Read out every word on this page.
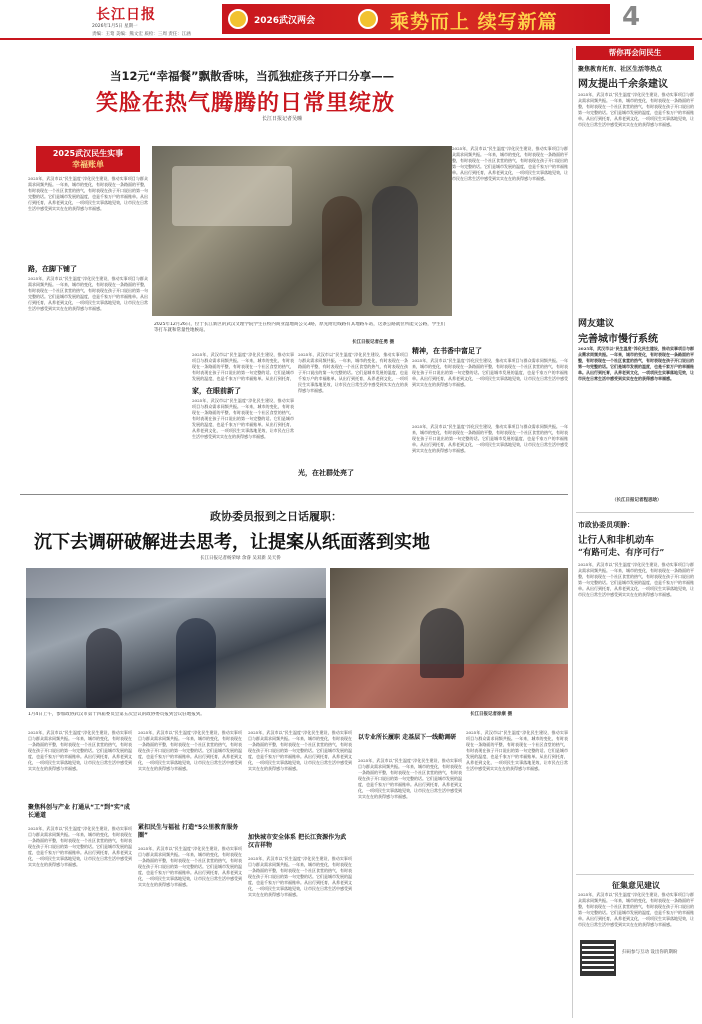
长江日报
2026年1月5日 星期一
责编：王莺 美编：熊文宏 质检：三周 责任：江涵
2026武汉两会	乘势而上 续写新篇 4
当12元“幸福餐”飘散香味，当孤独症孩子开口分享——
笑脸在热气腾腾的日常里绽放
长江日报记者吴曈
2025武汉民生实事
幸福账单
2025年，武汉市以“民生温度”淬化民生建设，推动实事项目与群众需求同频共振。一年来，城市的变化，有时表现在一条路面的平整，有时表现在一个社区食堂的热气，有时表现在孩子开口说出的第一句完整的话。它们是城市发展的温度，也是千家万户的幸福账单。从出行到托育，从养老到文化，一项项民生实事落地见效，让市民在日常生活中感受到实实在在的获得感与幸福感。
路，在脚下铺了
2025年，武汉市以“民生温度”淬化民生建设，推动实事项目与群众需求同频共振。一年来，城市的变化，有时表现在一条路面的平整，有时表现在一个社区食堂的热气，有时表现在孩子开口说出的第一句完整的话。它们是城市发展的温度，也是千家万户的幸福账单。从出行到托育，从养老到文化，一项项民生实事落地见效，让市民在日常生活中感受到实实在在的获得感与幸福感。
2025年12月26日，位于长江新区的武汉文理学院学生在校内商业湿地商公交3路，原先附近线路有其地路车站，这条公路就位所能交公路，学生们等打车就和常量性地候站。
长江日报记者任勇 摄
2025年，武汉市以“民生温度”淬化民生建设，推动实事项目与群众需求同频共振。一年来，城市的变化，有时表现在一条路面的平整，有时表现在一个社区食堂的热气，有时表现在孩子开口说出的第一句完整的话。它们是城市发展的温度，也是千家万户的幸福账单。从出行到托育，
家，在眼前新了
2025年，武汉市以“民生温度”淬化民生建设，推动实事项目与群众需求同频共振。一年来，城市的变化，有时表现在一条路面的平整，有时表现在一个社区食堂的热气，有时表现在孩子开口说出的第一句完整的话。它们是城市发展的温度，也是千家万户的幸福账单。从出行到托育，从养老到文化，一项项民生实事落地见效，让市民在日常生活中感受到实实在在的获得感与幸福感。
2025年，武汉市以“民生温度”淬化民生建设，推动实事项目与群众需求同频共振。一年来，城市的变化，有时表现在一条路面的平整，有时表现在一个社区食堂的热气，有时表现在孩子开口说出的第一句完整的话。它们是城市发展的温度，也是千家万户的幸福账单。从出行到托育，从养老到文化，一项项民生实事落地见效，让市民在日常生活中感受到实实在在的获得感与幸福感。
2025年，武汉市以“民生温度”淬化民生建设，推动实事项目与群众需求同频共振。一年来，城市的变化，有时表现在一条路面的平整，有时表现在一个社区食堂的热气，有时表现在孩子开口说出的第一句完整的话。它们是城市发展的温度，也是千家万户的幸福账单。从出行到托育，从养老到文化，一项项民生实事落地见效，让市民在日常生活中感受到实实在在的获得感与幸福感。
精神，在书香中富足了
2025年，武汉市以“民生温度”淬化民生建设，推动实事项目与群众需求同频共振。一年来，城市的变化，有时表现在一条路面的平整，有时表现在一个社区食堂的热气，有时表现在孩子开口说出的第一句完整的话。它们是城市发展的温度，也是千家万户的幸福账单。从出行到托育，从养老到文化，一项项民生实事落地见效，让市民在日常生活中感受到实实在在的获得感与幸福感。
光，在社群处亮了
2025年，武汉市以“民生温度”淬化民生建设，推动实事项目与群众需求同频共振。一年来，城市的变化，有时表现在一条路面的平整，有时表现在一个社区食堂的热气，有时表现在孩子开口说出的第一句完整的话。它们是城市发展的温度，也是千家万户的幸福账单。从出行到托育，从养老到文化，一项项民生实事落地见效，让市民在日常生活中感受到实实在在的获得感与幸福感。
帮你再会问民生
聚焦教育托育、社区生活等热点
网友提出千余条建议
2025年，武汉市以“民生温度”淬化民生建设，推动实事项目与群众需求同频共振。一年来，城市的变化，有时表现在一条路面的平整，有时表现在一个社区食堂的热气，有时表现在孩子开口说出的第一句完整的话。它们是城市发展的温度，也是千家万户的幸福账单。从出行到托育，从养老到文化，一项项民生实事落地见效，让市民在日常生活中感受到实实在在的获得感与幸福感。
网友建议
完善城市慢行系统
2025年，武汉市以“民生温度”淬化民生建设，推动实事项目与群众需求同频共振。一年来，城市的变化，有时表现在一条路面的平整，有时表现在一个社区食堂的热气，有时表现在孩子开口说出的第一句完整的话。它们是城市发展的温度，也是千家万户的幸福账单。从出行到托育，从养老到文化，一项项民生实事落地见效，让市民在日常生活中感受到实实在在的获得感与幸福感。
（长江日报记者程思晗）
市政协委员项静：
让行人和非机动车
“有路可走、有序可行”
2025年，武汉市以“民生温度”淬化民生建设，推动实事项目与群众需求同频共振。一年来，城市的变化，有时表现在一条路面的平整，有时表现在一个社区食堂的热气，有时表现在孩子开口说出的第一句完整的话。它们是城市发展的温度，也是千家万户的幸福账单。从出行到托育，从养老到文化，一项项民生实事落地见效，让市民在日常生活中感受到实实在在的获得感与幸福感。
征集意见建议
2025年，武汉市以“民生温度”淬化民生建设，推动实事项目与群众需求同频共振。一年来，城市的变化，有时表现在一条路面的平整，有时表现在一个社区食堂的热气，有时表现在孩子开口说出的第一句完整的话。它们是城市发展的温度，也是千家万户的幸福账单。从出行到托育，从养老到文化，一项项民生实事落地见效，让市民在日常生活中感受到实实在在的获得感与幸福感。
扫码参与互动 设出你的期盼
政协委员报到之日话履职：
沉下去调研破解进去思考，让提案从纸面落到实地
长江日报记者杨荣绿 余睿 吴双新 吴天侨
1月4日上午，参加政协武汉市第十四届委员会第五次会议的政协委员报到会议驻地报到。	长江日报记者徐康 摄
2025年，武汉市以“民生温度”淬化民生建设，推动实事项目与群众需求同频共振。一年来，城市的变化，有时表现在一条路面的平整，有时表现在一个社区食堂的热气，有时表现在孩子开口说出的第一句完整的话。它们是城市发展的温度，也是千家万户的幸福账单。从出行到托育，从养老到文化，一项项民生实事落地见效，让市民在日常生活中感受到实实在在的获得感与幸福感。
聚焦科创与产业 打通从“工”到“实”成长通道
2025年，武汉市以“民生温度”淬化民生建设，推动实事项目与群众需求同频共振。一年来，城市的变化，有时表现在一条路面的平整，有时表现在一个社区食堂的热气，有时表现在孩子开口说出的第一句完整的话。它们是城市发展的温度，也是千家万户的幸福账单。从出行到托育，从养老到文化，一项项民生实事落地见效，让市民在日常生活中感受到实实在在的获得感与幸福感。
2025年，武汉市以“民生温度”淬化民生建设，推动实事项目与群众需求同频共振。一年来，城市的变化，有时表现在一条路面的平整，有时表现在一个社区食堂的热气，有时表现在孩子开口说出的第一句完整的话。它们是城市发展的温度，也是千家万户的幸福账单。从出行到托育，从养老到文化，一项项民生实事落地见效，让市民在日常生活中感受到实实在在的获得感与幸福感。
紧扣民生与福祉 打造“5公里教育服务圈”
2025年，武汉市以“民生温度”淬化民生建设，推动实事项目与群众需求同频共振。一年来，城市的变化，有时表现在一条路面的平整，有时表现在一个社区食堂的热气，有时表现在孩子开口说出的第一句完整的话。它们是城市发展的温度，也是千家万户的幸福账单。从出行到托育，从养老到文化，一项项民生实事落地见效，让市民在日常生活中感受到实实在在的获得感与幸福感。
2025年，武汉市以“民生温度”淬化民生建设，推动实事项目与群众需求同频共振。一年来，城市的变化，有时表现在一条路面的平整，有时表现在一个社区食堂的热气，有时表现在孩子开口说出的第一句完整的话。它们是城市发展的温度，也是千家万户的幸福账单。从出行到托育，从养老到文化，一项项民生实事落地见效，让市民在日常生活中感受到实实在在的获得感与幸福感。
加快城市安全体系 把长江资源作为武汉吉祥物
2025年，武汉市以“民生温度”淬化民生建设，推动实事项目与群众需求同频共振。一年来，城市的变化，有时表现在一条路面的平整，有时表现在一个社区食堂的热气，有时表现在孩子开口说出的第一句完整的话。它们是城市发展的温度，也是千家万户的幸福账单。从出行到托育，从养老到文化，一项项民生实事落地见效，让市民在日常生活中感受到实实在在的获得感与幸福感。
以专业所长履职 走基层下一线勤调研
2025年，武汉市以“民生温度”淬化民生建设，推动实事项目与群众需求同频共振。一年来，城市的变化，有时表现在一条路面的平整，有时表现在一个社区食堂的热气，有时表现在孩子开口说出的第一句完整的话。它们是城市发展的温度，也是千家万户的幸福账单。从出行到托育，从养老到文化，一项项民生实事落地见效，让市民在日常生活中感受到实实在在的获得感与幸福感。
2025年，武汉市以“民生温度”淬化民生建设，推动实事项目与群众需求同频共振。一年来，城市的变化，有时表现在一条路面的平整，有时表现在一个社区食堂的热气，有时表现在孩子开口说出的第一句完整的话。它们是城市发展的温度，也是千家万户的幸福账单。从出行到托育，从养老到文化，一项项民生实事落地见效，让市民在日常生活中感受到实实在在的获得感与幸福感。
